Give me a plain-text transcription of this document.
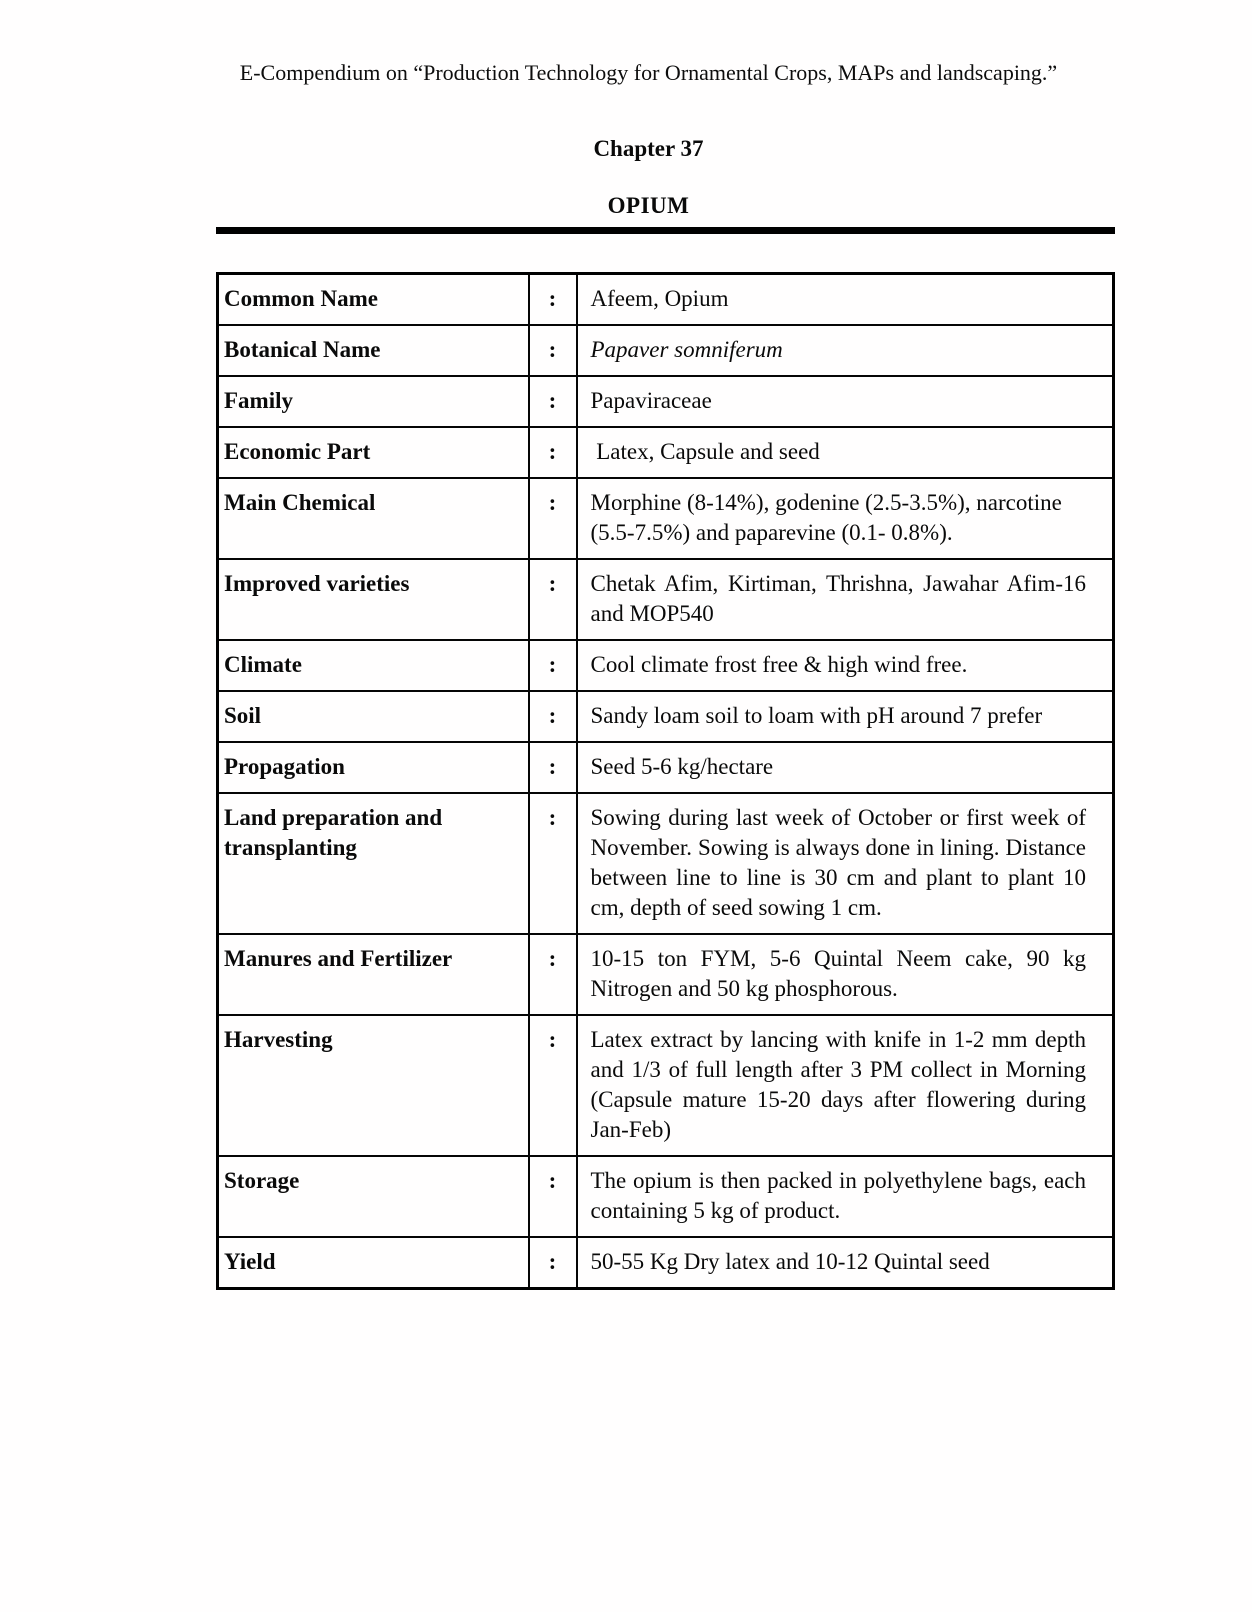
E-Compendium on “Production Technology for Ornamental Crops, MAPs and landscaping.”
Chapter 37
OPIUM
Common Name	:	Afeem, Opium
Botanical Name	:	Papaver somniferum
Family	:	Papaviraceae
Economic Part	:	Latex, Capsule and seed
Main Chemical	:	Morphine (8-14%), godenine (2.5-3.5%), narcotine (5.5-7.5%) and paparevine (0.1- 0.8%).
Improved varieties	:	Chetak Afim, Kirtiman, Thrishna, Jawahar Afim-16 and MOP540
Climate	:	Cool climate frost free & high wind free.
Soil	:	Sandy loam soil to loam with pH around 7 prefer
Propagation	:	Seed 5-6 kg/hectare
Land preparation and transplanting	:	Sowing during last week of October or first week of November. Sowing is always done in lining. Distance between line to line is 30 cm and plant to plant 10 cm, depth of seed sowing 1 cm.
Manures and Fertilizer	:	10-15 ton FYM, 5-6 Quintal Neem cake, 90 kg Nitrogen and 50 kg phosphorous.
Harvesting	:	Latex extract by lancing with knife in 1-2 mm depth and 1/3 of full length after 3 PM collect in Morning (Capsule mature 15-20 days after flowering during Jan-Feb)
Storage	:	The opium is then packed in polyethylene bags, each containing 5 kg of product.
Yield	:	50-55 Kg Dry latex and 10-12 Quintal seed
